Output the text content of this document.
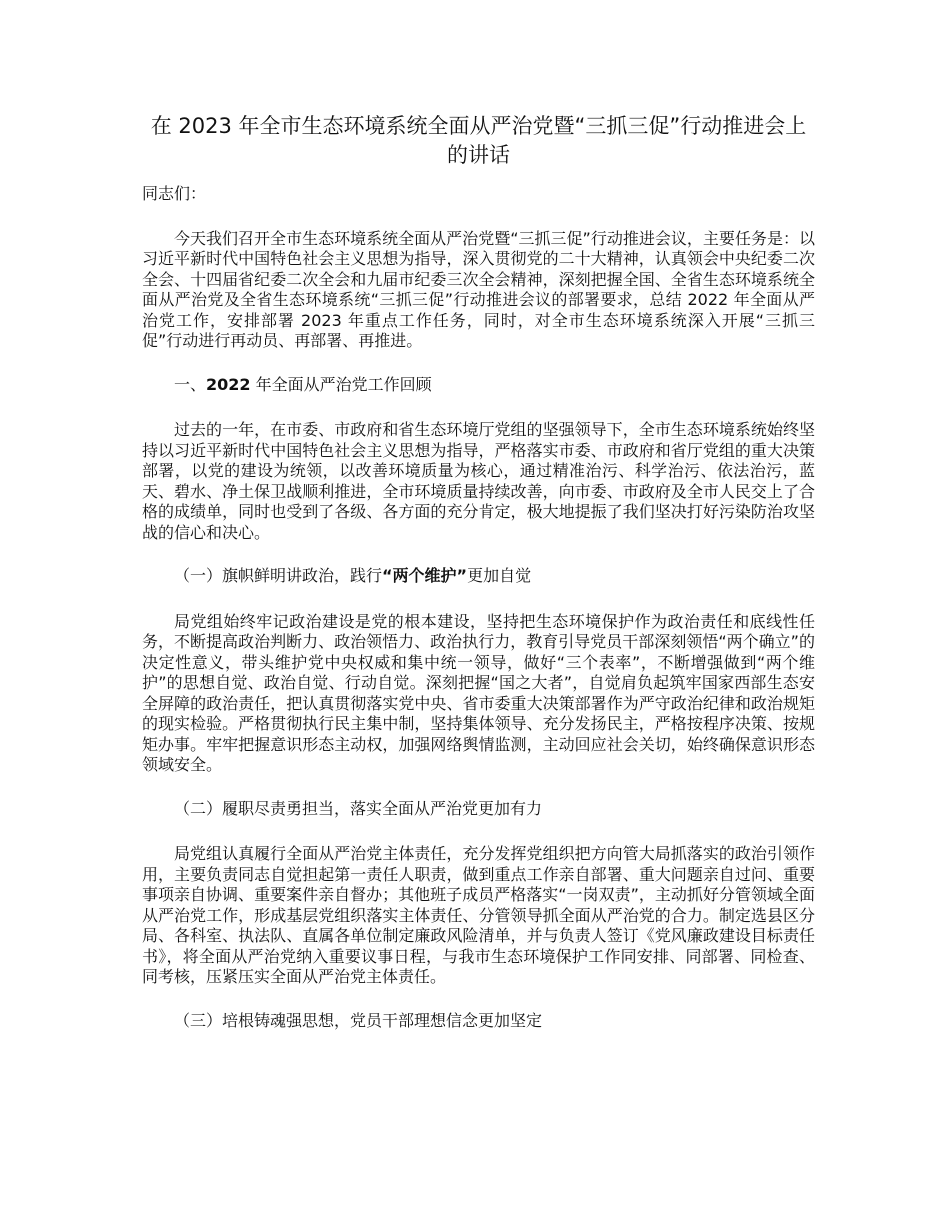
在 2023 年全市生态环境系统全面从严治党暨“三抓三促”行动推进会上的讲话

同志们：

今天我们召开全市生态环境系统全面从严治党暨“三抓三促”行动推进会议，主要任务是：以习近平新时代中国特色社会主义思想为指导，深入贯彻党的二十大精神，认真领会中央纪委二次全会、十四届省纪委二次全会和九届市纪委三次全会精神，深刻把握全国、全省生态环境系统全面从严治党及全省生态环境系统“三抓三促”行动推进会议的部署要求，总结 2022 年全面从严治党工作，安排部署 2023 年重点工作任务，同时，对全市生态环境系统深入开展“三抓三促”行动进行再动员、再部署、再推进。

一、2022 年全面从严治党工作回顾

过去的一年，在市委、市政府和省生态环境厅党组的坚强领导下，全市生态环境系统始终坚持以习近平新时代中国特色社会主义思想为指导，严格落实市委、市政府和省厅党组的重大决策部署，以党的建设为统领，以改善环境质量为核心，通过精准治污、科学治污、依法治污，蓝天、碧水、净土保卫战顺利推进，全市环境质量持续改善，向市委、市政府及全市人民交上了合格的成绩单，同时也受到了各级、各方面的充分肯定，极大地提振了我们坚决打好污染防治攻坚战的信心和决心。

（一）旗帜鲜明讲政治，践行“两个维护”更加自觉

局党组始终牢记政治建设是党的根本建设，坚持把生态环境保护作为政治责任和底线性任务，不断提高政治判断力、政治领悟力、政治执行力，教育引导党员干部深刻领悟“两个确立”的决定性意义，带头维护党中央权威和集中统一领导，做好“三个表率”，不断增强做到“两个维护”的思想自觉、政治自觉、行动自觉。深刻把握“国之大者”，自觉肩负起筑牢国家西部生态安全屏障的政治责任，把认真贯彻落实党中央、省市委重大决策部署作为严守政治纪律和政治规矩的现实检验。严格贯彻执行民主集中制，坚持集体领导、充分发扬民主，严格按程序决策、按规矩办事。牢牢把握意识形态主动权，加强网络舆情监测，主动回应社会关切，始终确保意识形态领域安全。

（二）履职尽责勇担当，落实全面从严治党更加有力

局党组认真履行全面从严治党主体责任，充分发挥党组织把方向管大局抓落实的政治引领作用，主要负责同志自觉担起第一责任人职责，做到重点工作亲自部署、重大问题亲自过问、重要事项亲自协调、重要案件亲自督办；其他班子成员严格落实“一岗双责”，主动抓好分管领域全面从严治党工作，形成基层党组织落实主体责任、分管领导抓全面从严治党的合力。制定选县区分局、各科室、执法队、直属各单位制定廉政风险清单，并与负责人签订《党风廉政建设目标责任书》，将全面从严治党纳入重要议事日程，与我市生态环境保护工作同安排、同部署、同检查、同考核，压紧压实全面从严治党主体责任。

（三）培根铸魂强思想，党员干部理想信念更加坚定
